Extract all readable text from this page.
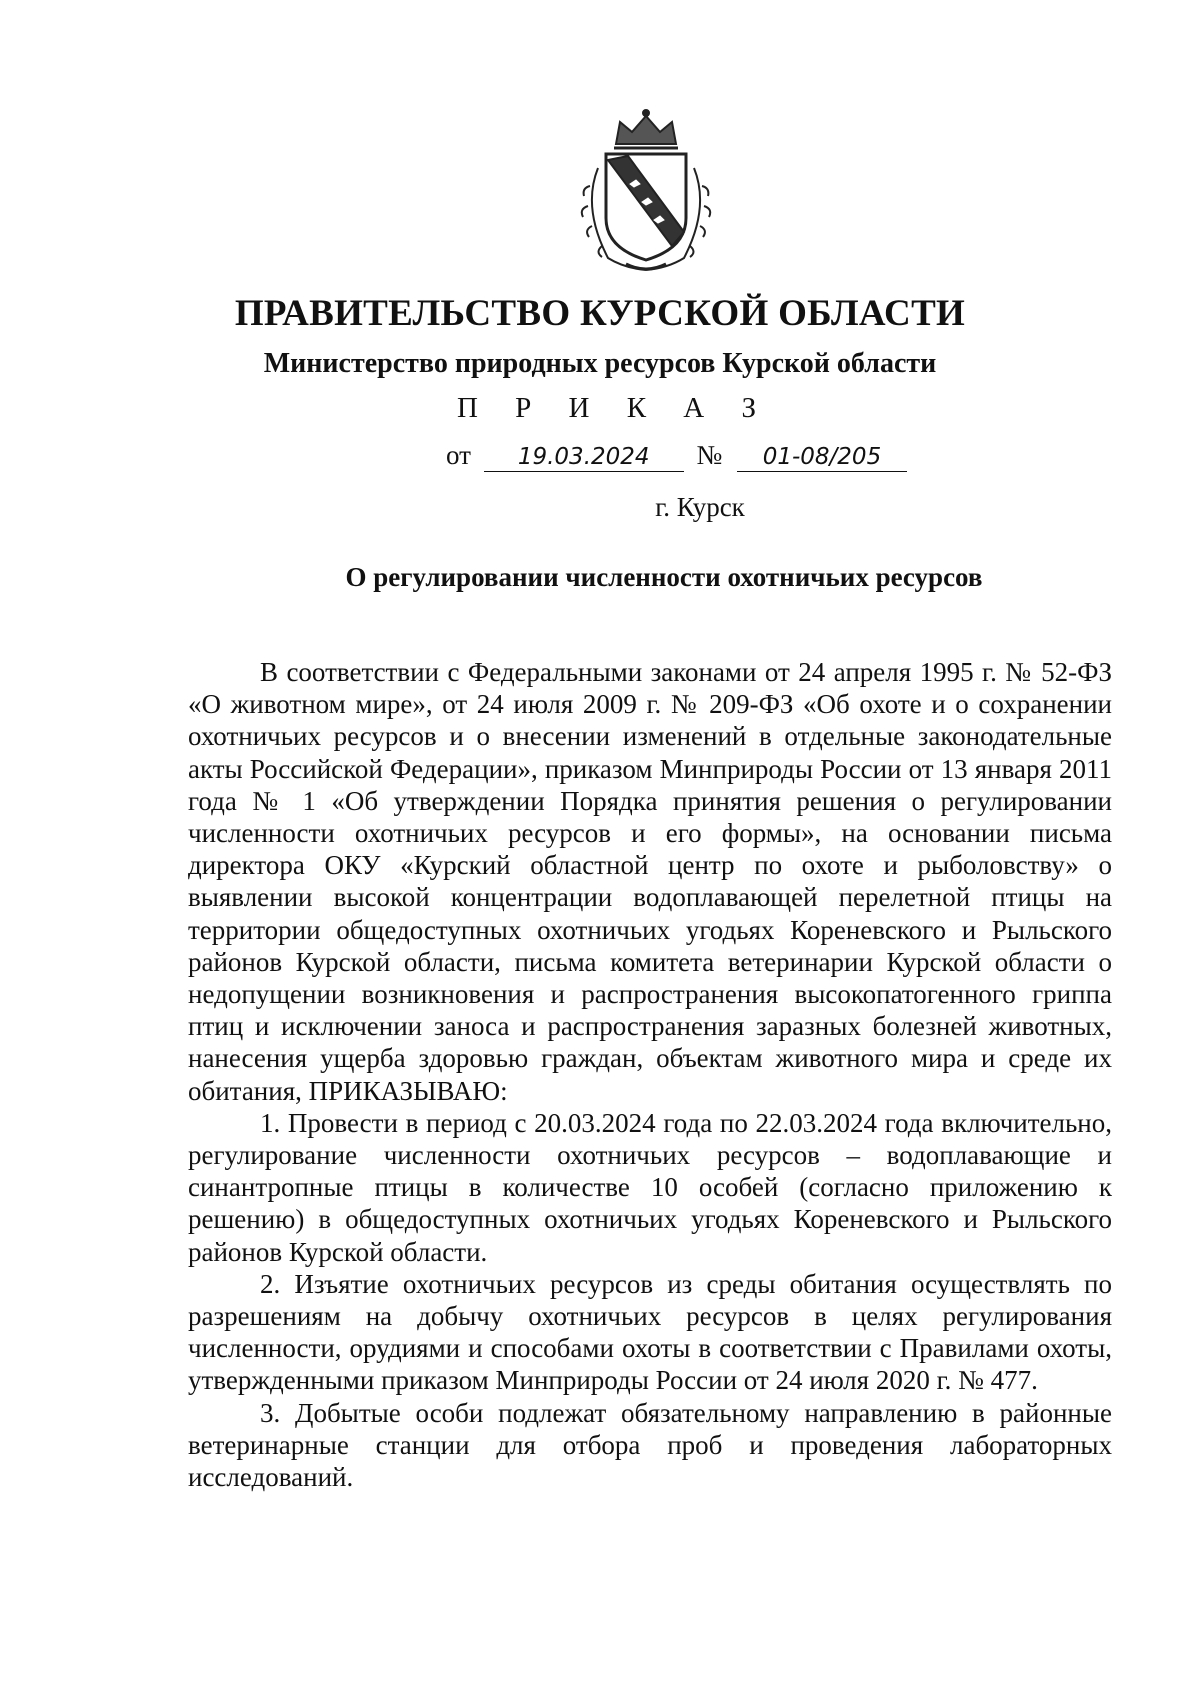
ПРАВИТЕЛЬСТВО КУРСКОЙ ОБЛАСТИ
Министерство природных ресурсов Курской области
П Р И К А З
от 19.03.2024 № 01-08/205
г. Курск
О регулировании численности охотничьих ресурсов

В соответствии с Федеральными законами от 24 апреля 1995 г. № 52-ФЗ «О животном мире», от 24 июля 2009 г. № 209-ФЗ «Об охоте и о сохранении охотничьих ресурсов и о внесении изменений в отдельные законодательные акты Российской Федерации», приказом Минприроды России от 13 января 2011 года № 1 «Об утверждении Порядка принятия решения о регулировании численности охотничьих ресурсов и его формы», на основании письма директора ОКУ «Курский областной центр по охоте и рыболовству» о выявлении высокой концентрации водоплавающей перелетной птицы на территории общедоступных охотничьих угодьях Кореневского и Рыльского районов Курской области, письма комитета ветеринарии Курской области о недопущении возникновения и распространения высокопатогенного гриппа птиц и исключении заноса и распространения заразных болезней животных, нанесения ущерба здоровью граждан, объектам животного мира и среде их обитания, ПРИКАЗЫВАЮ:

1. Провести в период с 20.03.2024 года по 22.03.2024 года включительно, регулирование численности охотничьих ресурсов – водоплавающие и синантропные птицы в количестве 10 особей (согласно приложению к решению) в общедоступных охотничьих угодьях Кореневского и Рыльского районов Курской области.

2. Изъятие охотничьих ресурсов из среды обитания осуществлять по разрешениям на добычу охотничьих ресурсов в целях регулирования численности, орудиями и способами охоты в соответствии с Правилами охоты, утвержденными приказом Минприроды России от 24 июля 2020 г. № 477.

3. Добытые особи подлежат обязательному направлению в районные ветеринарные станции для отбора проб и проведения лабораторных исследований.
